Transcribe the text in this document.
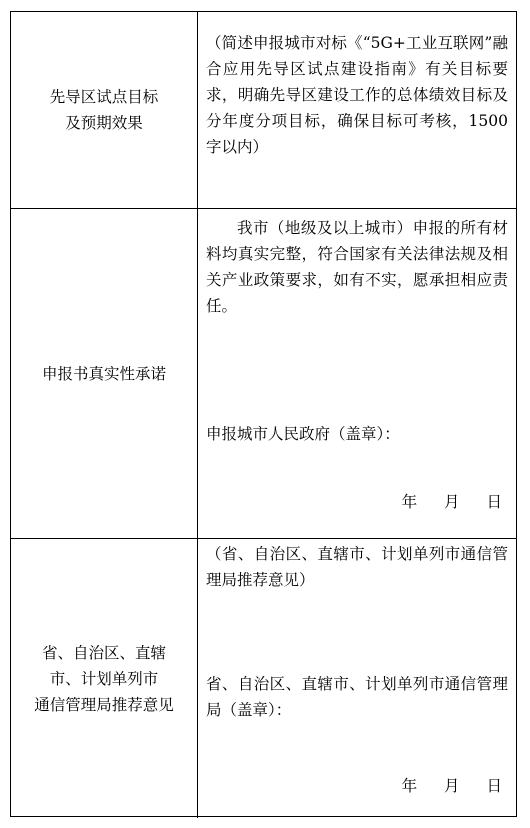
先导区试点目标
及预期效果
（简述申报城市对标《“5G+工业互联网”融合应用先导区试点建设指南》有关目标要求，明确先导区建设工作的总体绩效目标及分年度分项目标，确保目标可考核，1500字以内）
申报书真实性承诺
我市（地级及以上城市）申报的所有材料均真实完整，符合国家有关法律法规及相关产业政策要求，如有不实，愿承担相应责任。
申报城市人民政府（盖章）：
年 月 日
省、自治区、直辖
市、计划单列市
通信管理局推荐意见
（省、自治区、直辖市、计划单列市通信管理局推荐意见）
省、自治区、直辖市、计划单列市通信管理局（盖章）：
年 月 日
